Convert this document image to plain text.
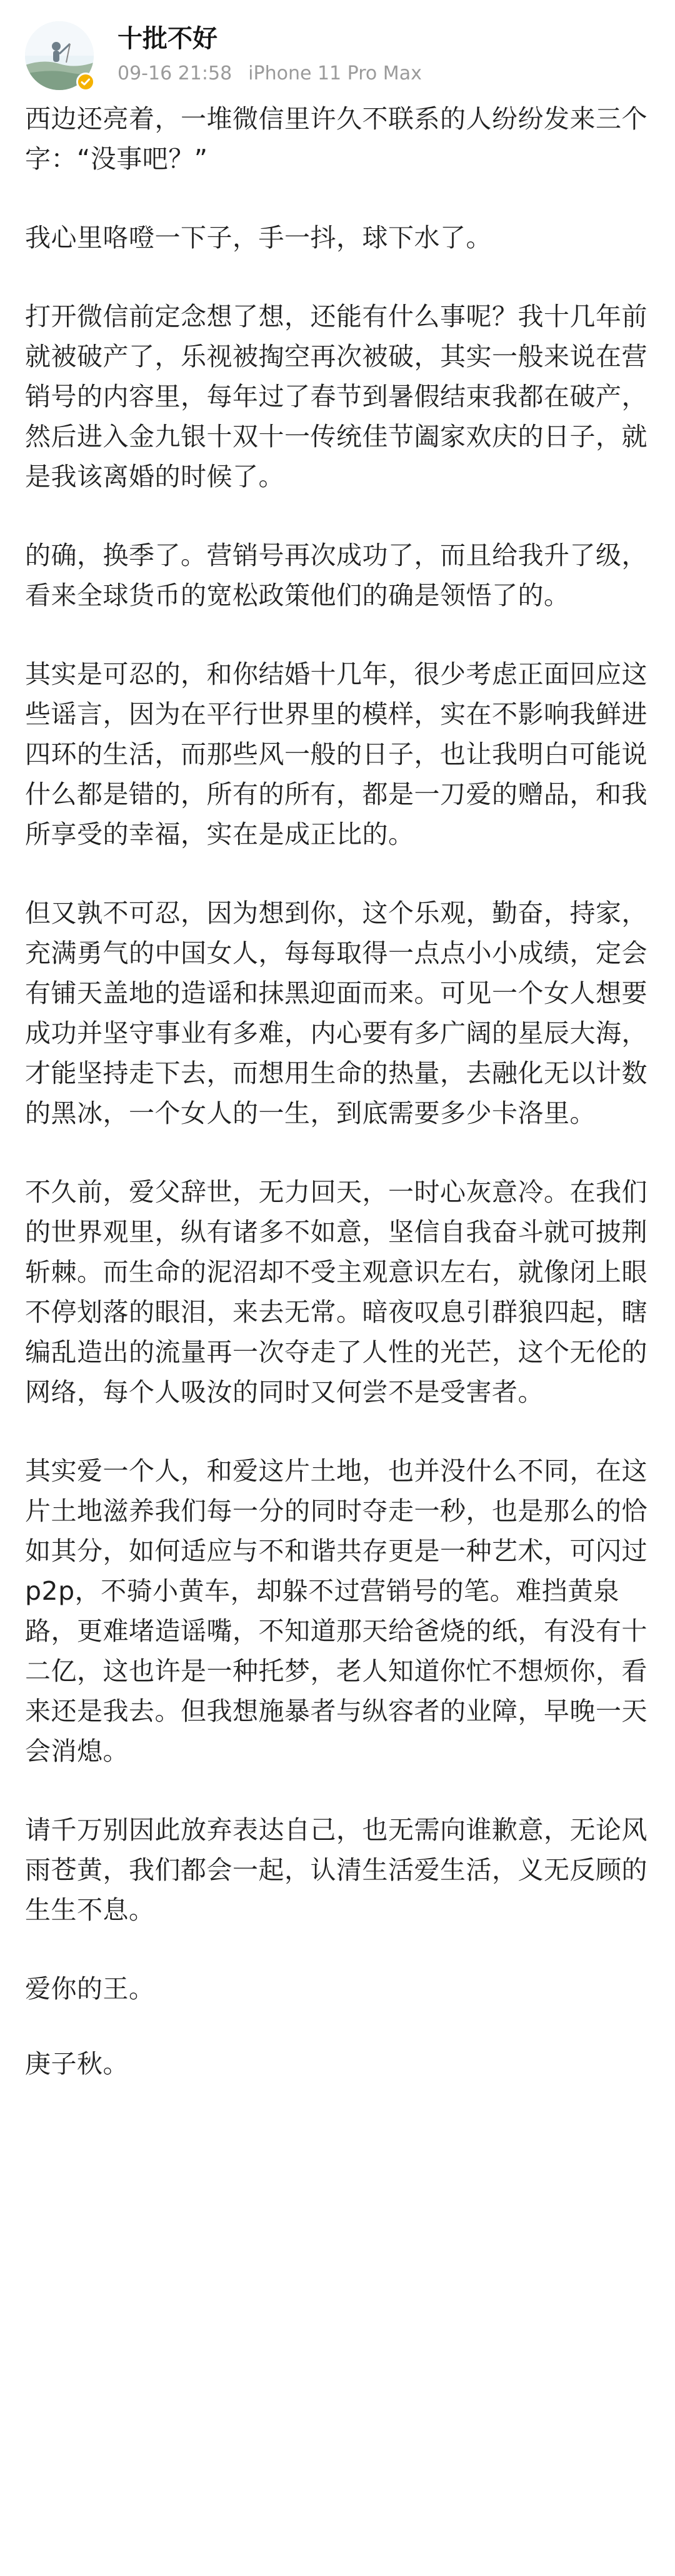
十批不好
09-16 21:58 iPhone 11 Pro Max

西边还亮着，一堆微信里许久不联系的人纷纷发来三个字：“没事吧？”

我心里咯噔一下子，手一抖，球下水了。

打开微信前定念想了想，还能有什么事呢？我十几年前就被破产了，乐视被掏空再次被破，其实一般来说在营销号的内容里，每年过了春节到暑假结束我都在破产，然后进入金九银十双十一传统佳节阖家欢庆的日子，就是我该离婚的时候了。

的确，换季了。营销号再次成功了，而且给我升了级，看来全球货币的宽松政策他们的确是领悟了的。

其实是可忍的，和你结婚十几年，很少考虑正面回应这些谣言，因为在平行世界里的模样，实在不影响我鲜进四环的生活，而那些风一般的日子，也让我明白可能说什么都是错的，所有的所有，都是一刀爱的赠品，和我所享受的幸福，实在是成正比的。

但又孰不可忍，因为想到你，这个乐观，勤奋，持家，充满勇气的中国女人，每每取得一点点小小成绩，定会有铺天盖地的造谣和抹黑迎面而来。可见一个女人想要成功并坚守事业有多难，内心要有多广阔的星辰大海，才能坚持走下去，而想用生命的热量，去融化无以计数的黑冰，一个女人的一生，到底需要多少卡洛里。

不久前，爱父辞世，无力回天，一时心灰意冷。在我们的世界观里，纵有诸多不如意，坚信自我奋斗就可披荆斩棘。而生命的泥沼却不受主观意识左右，就像闭上眼不停划落的眼泪，来去无常。暗夜叹息引群狼四起，瞎编乱造出的流量再一次夺走了人性的光芒，这个无伦的网络，每个人吸汝的同时又何尝不是受害者。

其实爱一个人，和爱这片土地，也并没什么不同，在这片土地滋养我们每一分的同时夺走一秒，也是那么的恰如其分，如何适应与不和谐共存更是一种艺术，可闪过p2p，不骑小黄车，却躲不过营销号的笔。难挡黄泉路，更难堵造谣嘴，不知道那天给爸烧的纸，有没有十二亿，这也许是一种托梦，老人知道你忙不想烦你，看来还是我去。但我想施暴者与纵容者的业障，早晚一天会消熄。

请千万别因此放弃表达自己，也无需向谁歉意，无论风雨苍黄，我们都会一起，认清生活爱生活，义无反顾的生生不息。

爱你的王。

庚子秋。
